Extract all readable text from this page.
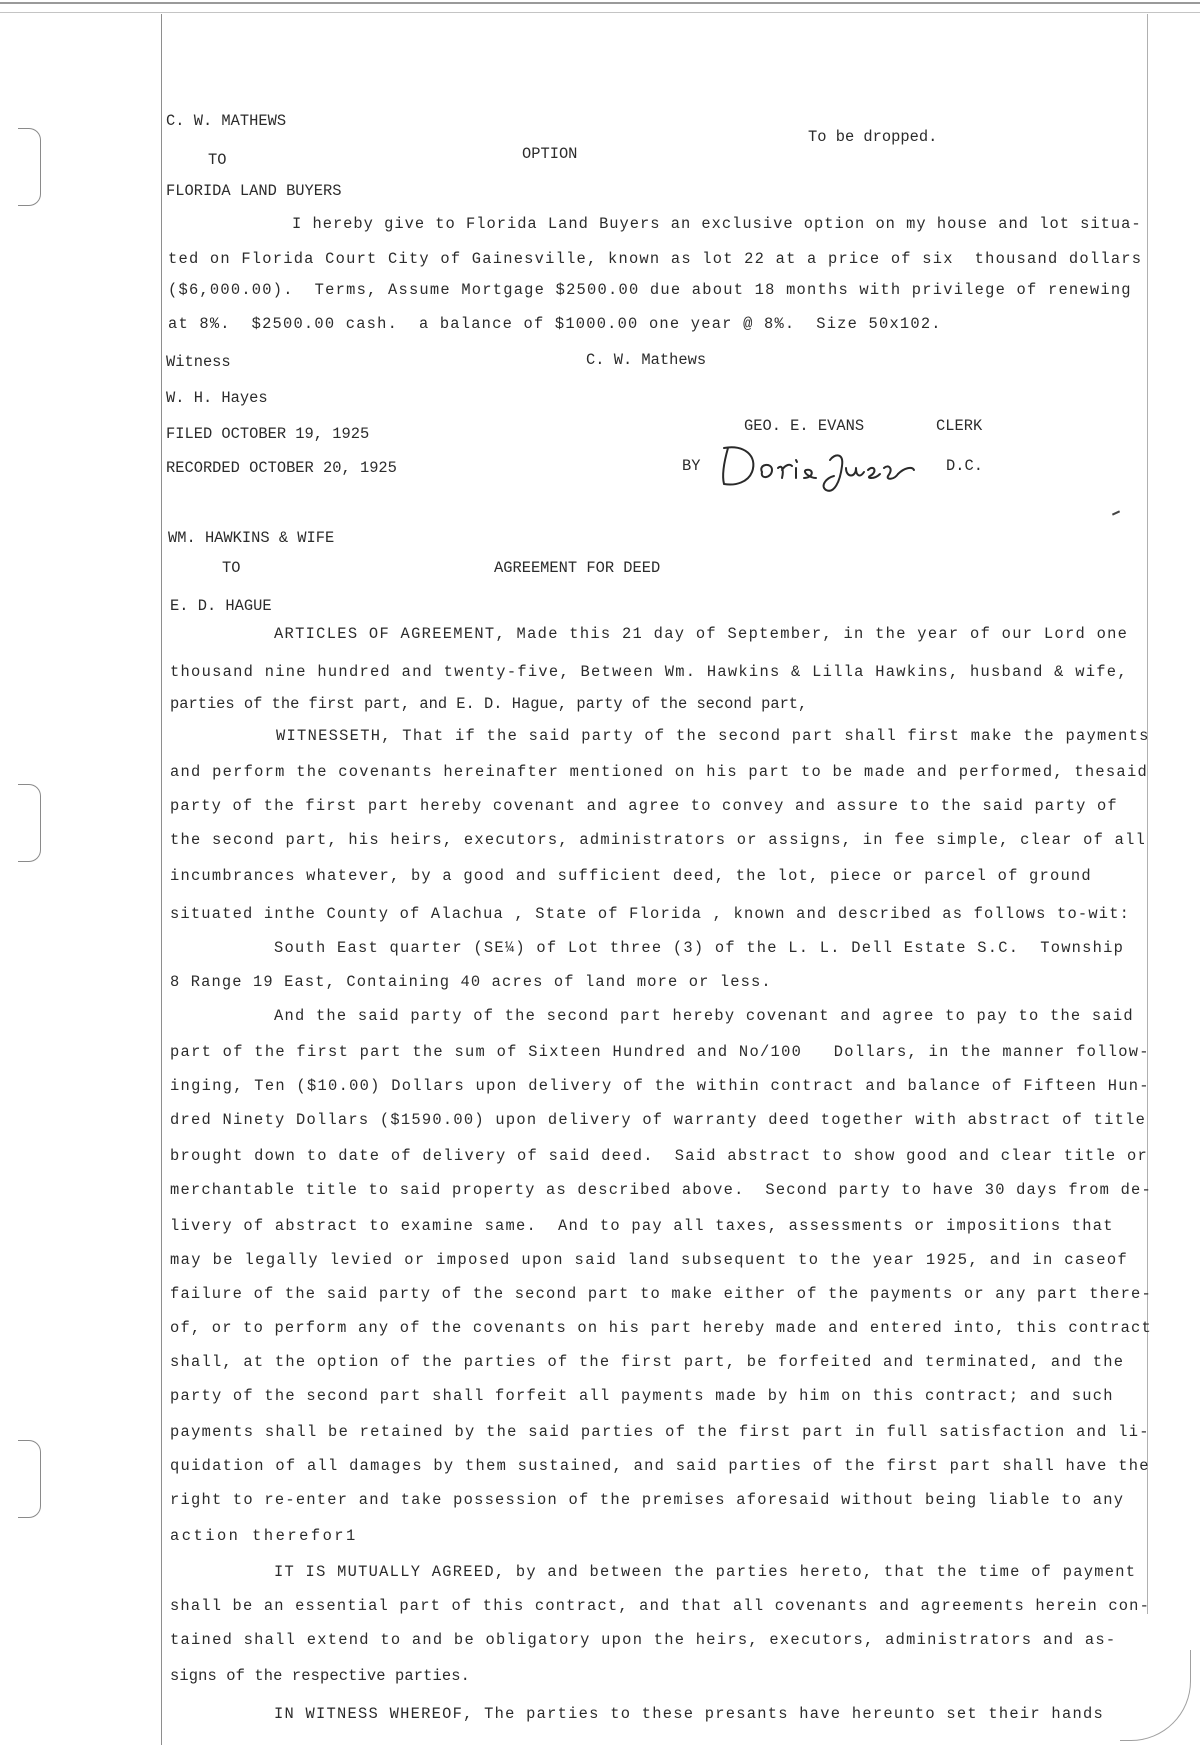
C. W. MATHEWS
TO	OPTION
To be dropped.
FLORIDA LAND BUYERS
I hereby give to Florida Land Buyers an exclusive option on my house and lot situa-
ted on Florida Court City of Gainesville, known as lot 22 at a price of six  thousand dollars
($6,000.00).  Terms, Assume Mortgage $2500.00 due about 18 months with privilege of renewing
at 8%.  $2500.00 cash.  a balance of $1000.00 one year @ 8%.  Size 50x102.
Witness	C. W. Mathews
W. H. Hayes
FILED OCTOBER 19, 1925	GEO. E. EVANS	CLERK
RECORDED OCTOBER 20, 1925	BY	D.C.
WM. HAWKINS & WIFE
TO	AGREEMENT FOR DEED
E. D. HAGUE
ARTICLES OF AGREEMENT, Made this 21 day of September, in the year of our Lord one
thousand nine hundred and twenty-five, Between Wm. Hawkins & Lilla Hawkins, husband & wife,
parties of the first part, and E. D. Hague, party of the second part,
WITNESSETH, That if the said party of the second part shall first make the payments
and perform the covenants hereinafter mentioned on his part to be made and performed, thesaid
party of the first part hereby covenant and agree to convey and assure to the said party of
the second part, his heirs, executors, administrators or assigns, in fee simple, clear of all
incumbrances whatever, by a good and sufficient deed, the lot, piece or parcel of ground
situated inthe County of Alachua , State of Florida , known and described as follows to-wit:
South East quarter (SE¼) of Lot three (3) of the L. L. Dell Estate S.C.  Township
8 Range 19 East, Containing 40 acres of land more or less.
And the said party of the second part hereby covenant and agree to pay to the said
part of the first part the sum of Sixteen Hundred and No/100   Dollars, in the manner follow-
inging, Ten ($10.00) Dollars upon delivery of the within contract and balance of Fifteen Hun-
dred Ninety Dollars ($1590.00) upon delivery of warranty deed together with abstract of title
brought down to date of delivery of said deed.  Said abstract to show good and clear title or
merchantable title to said property as described above.  Second party to have 30 days from de-
livery of abstract to examine same.  And to pay all taxes, assessments or impositions that
may be legally levied or imposed upon said land subsequent to the year 1925, and in caseof
failure of the said party of the second part to make either of the payments or any part there-
of, or to perform any of the covenants on his part hereby made and entered into, this contract
shall, at the option of the parties of the first part, be forfeited and terminated, and the
party of the second part shall forfeit all payments made by him on this contract; and such
payments shall be retained by the said parties of the first part in full satisfaction and li-
quidation of all damages by them sustained, and said parties of the first part shall have the
right to re-enter and take possession of the premises aforesaid without being liable to any
action therefor1
IT IS MUTUALLY AGREED, by and between the parties hereto, that the time of payment
shall be an essential part of this contract, and that all covenants and agreements herein con-
tained shall extend to and be obligatory upon the heirs, executors, administrators and as-
signs of the respective parties.
IN WITNESS WHEREOF, The parties to these presants have hereunto set their hands
